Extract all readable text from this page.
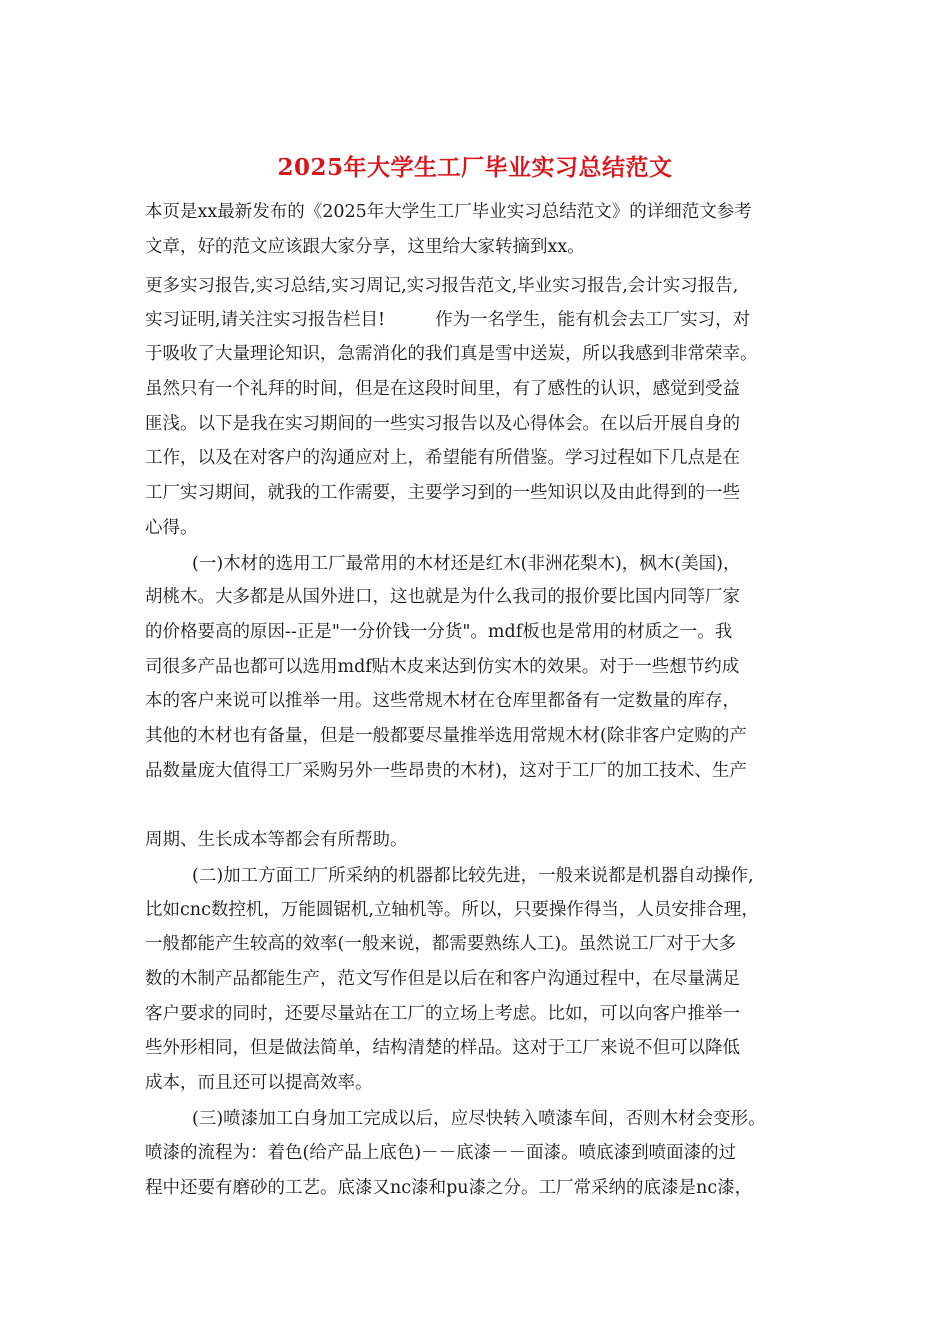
2025年大学生工厂毕业实习总结范文
本页是xx最新发布的《2025年大学生工厂毕业实习总结范文》的详细范文参考
文章，好的范文应该跟大家分享，这里给大家转摘到xx。
更多实习报告,实习总结,实习周记,实习报告范文,毕业实习报告,会计实习报告,
实习证明,请关注实习报告栏目!	作为一名学生，能有机会去工厂实习，对
于吸收了大量理论知识，急需消化的我们真是雪中送炭，所以我感到非常荣幸。
虽然只有一个礼拜的时间，但是在这段时间里，有了感性的认识，感觉到受益
匪浅。以下是我在实习期间的一些实习报告以及心得体会。在以后开展自身的
工作，以及在对客户的沟通应对上，希望能有所借鉴。学习过程如下几点是在
工厂实习期间，就我的工作需要，主要学习到的一些知识以及由此得到的一些
心得。
(一)木材的选用工厂最常用的木材还是红木(非洲花梨木)，枫木(美国)，
胡桃木。大多都是从国外进口，这也就是为什么我司的报价要比国内同等厂家
的价格要高的原因--正是"一分价钱一分货"。mdf板也是常用的材质之一。我
司很多产品也都可以选用mdf贴木皮来达到仿实木的效果。对于一些想节约成
本的客户来说可以推举一用。这些常规木材在仓库里都备有一定数量的库存，
其他的木材也有备量，但是一般都要尽量推举选用常规木材(除非客户定购的产
品数量庞大值得工厂采购另外一些昂贵的木材)，这对于工厂的加工技术、生产
周期、生长成本等都会有所帮助。
(二)加工方面工厂所采纳的机器都比较先进，一般来说都是机器自动操作,
比如cnc数控机，万能圆锯机,立轴机等。所以，只要操作得当，人员安排合理，
一般都能产生较高的效率(一般来说，都需要熟练人工)。虽然说工厂对于大多
数的木制产品都能生产，范文写作但是以后在和客户沟通过程中，在尽量满足
客户要求的同时，还要尽量站在工厂的立场上考虑。比如，可以向客户推举一
些外形相同，但是做法简单，结构清楚的样品。这对于工厂来说不但可以降低
成本，而且还可以提高效率。
(三)喷漆加工白身加工完成以后，应尽快转入喷漆车间，否则木材会变形。
喷漆的流程为：着色(给产品上底色)－－底漆－－面漆。喷底漆到喷面漆的过
程中还要有磨砂的工艺。底漆又nc漆和pu漆之分。工厂常采纳的底漆是nc漆，
